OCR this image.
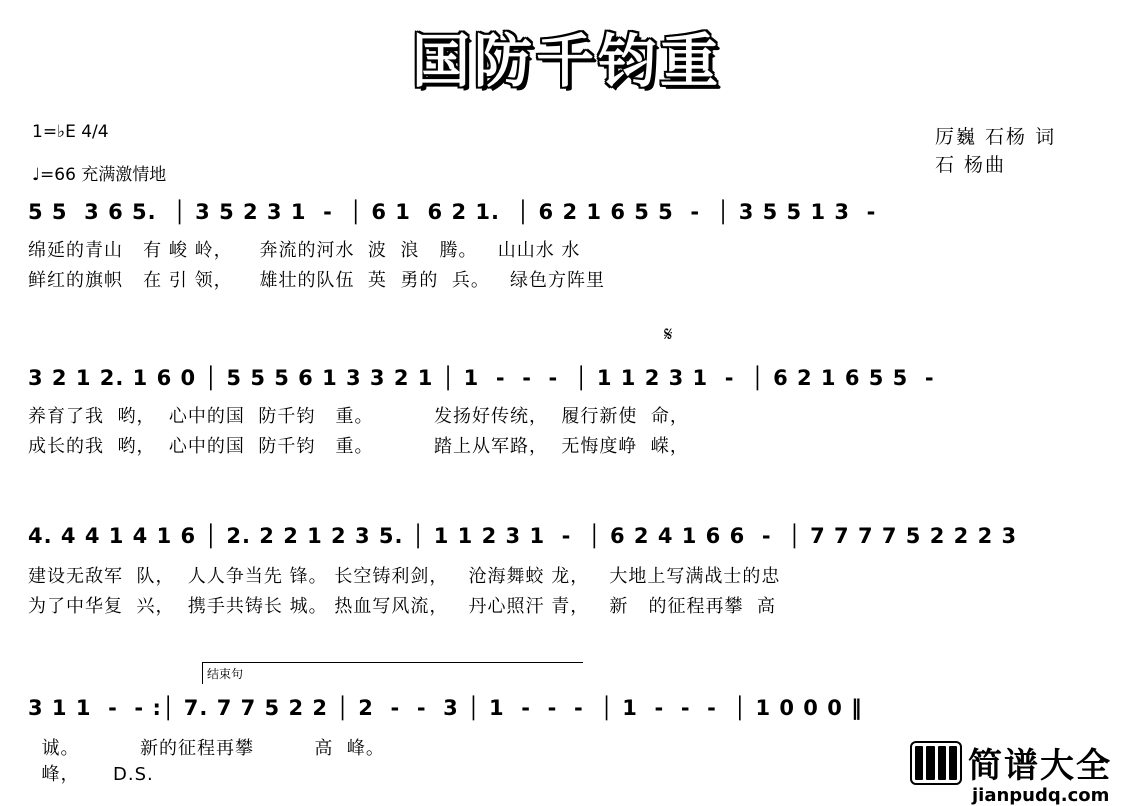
国防千钧重
1=♭E 4/4
♩=66 充满激情地
厉巍 石杨 词
石 杨曲
5 5  3 6 5.  │ 3 5 2 3 1  -  │ 6 1  6 2 1.  │ 6 2 1 6 5 5  -  │ 3 5 5 1 3  -
绵延的青山   有 峻 岭，    奔流的河水  波  浪   腾。   山山水 水
鲜红的旗帜   在 引 领，    雄壮的队伍  英  勇的  兵。   绿色方阵里
𝄋
3 2 1 2. 1 6 0 │ 5 5 5 6 1 3 3 2 1 │ 1  -  -  -  │ 1 1 2 3 1  -  │ 6 2 1 6 5 5  -
养育了我  哟，  心中的国  防千钧   重。         发扬好传统，  履行新使  命，
成长的我  哟，  心中的国  防千钧   重。         踏上从军路，  无悔度峥  嵘，
4. 4 4 1 4 1 6 │ 2. 2 2 1 2 3 5. │ 1 1 2 3 1  -  │ 6 2 4 1 6 6  -  │ 7 7 7 7 5 2 2 2 3
建设无敌军  队，  人人争当先 锋。 长空铸利剑，   沧海舞蛟 龙，   大地上写满战士的忠
为了中华复  兴，  携手共铸长 城。 热血写风流，   丹心照汗 青，   新   的征程再攀  高
结束句
3 1 1  -  - :│ 7. 7 7 5 2 2 │ 2  -  -  3 │ 1  -  -  -  │ 1  -  -  -  │ 1 0 0 0 ‖
诚。         新的征程再攀         高  峰。
峰，     D.S.	简谱大全
jianpudq.com
